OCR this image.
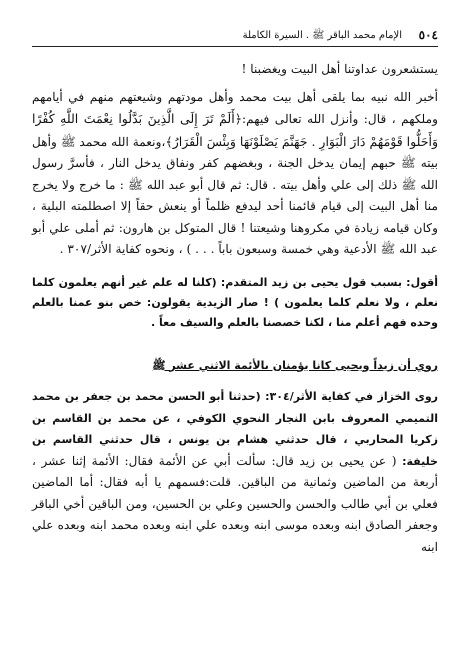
٥٠٤
الإمام محمد الباقر ﷺ . السيرة الكاملة

يستشعرون عداوتنا أهل البيت ويغضبنا !

أخبر الله نبيه بما يلقى أهل بيت محمد وأهل مودتهم وشيعتهم منهم في أيامهم وملكهم ، قال: وأنزل الله تعالى فيهم:﴿أَلَمْ تَرَ إِلَى الَّذِينَ بَدَّلُوا نِعْمَتَ اللَّهِ كُفْرًا وَأَحَلُّوا قَوْمَهُمْ دَارَ الْبَوَارِ . جَهَنَّمَ يَصْلَوْنَهَا وَبِئْسَ الْقَرَارُ﴾،ونعمة الله محمد ﷺ وأهل بيته ﷺ حبهم إيمان يدخل الجنة ، وبغضهم كفر ونفاق يدخل النار ، فأسرَّ رسول الله ﷺ ذلك إلى علي وأهل بيته . قال: ثم قال أبو عبد الله ﷺ : ما خرج ولا يخرج منا أهل البيت إلى قيام قائمنا أحد ليدفع ظلماً أو ينعش حقاً إلا اصطلمته البلية ، وكان قيامه زيادة في مكروهنا وشيعتنا ! قال المتوكل بن هارون: ثم أملى علي أبو عبد الله ﷺ الأدعية وهي خمسة وسبعون باباً . . . ) ، ونحوه كفاية الأثر/٣٠٧ .

أقول: بسبب قول يحيى بن زيد المتقدم: (كلنا له علم غير أنهم يعلمون كلما نعلم ، ولا نعلم كلما يعلمون ) ! صار الزيدية يقولون: خص بنو عمنا بالعلم وحده فهم أعلم منا ، لكنا خصصنا بالعلم والسيف معاً .

روي أن زيداً ويحيى كانا يؤمنان بالأئمة الاثني عشر ﷺ

روى الخزاز في كفاية الأثر/٣٠٤: (حدثنا أبو الحسن محمد بن جعفر بن محمد التميمي المعروف بابن النجار النحوي الكوفي ، عن محمد بن القاسم بن زكريا المحاربي ، قال حدثني هشام بن يونس ، قال حدثني القاسم بن خليفة: ( عن يحيى بن زيد قال: سألت أبي عن الأئمة فقال: الأئمة إثنا عشر ، أربعة من الماضين وثمانية من الباقين. قلت:فسمهم يا أبه فقال: أما الماضين فعلي بن أبي طالب والحسن والحسين وعلي بن الحسين، ومن الباقين أخي الباقر وجعفر الصادق ابنه وبعده موسى ابنه وبعده علي ابنه وبعده محمد ابنه وبعده علي ابنه
